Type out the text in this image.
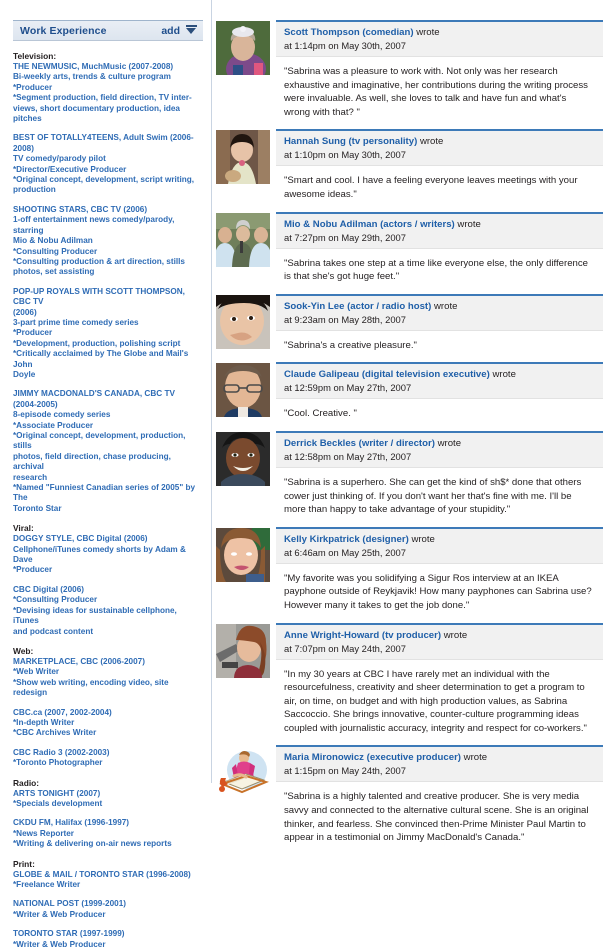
Work Experience	add
Television:
THE NEWMUSIC, MuchMusic (2007-2008)
Bi-weekly arts, trends & culture program
*Producer
*Segment production, field direction, TV inter-
views, short documentary production, idea pitches
BEST OF TOTALLY4TEENS, Adult Swim (2006-2008)
TV comedy/parody pilot
*Director/Executive Producer
*Original concept, development, script writing,
production
SHOOTING STARS, CBC TV (2006)
1-off entertainment news comedy/parody, starring
Mio & Nobu Adilman
*Consulting Producer
*Consulting production & art direction, stills
photos, set assisting
POP-UP ROYALS WITH SCOTT THOMPSON, CBC TV
(2006)
3-part prime time comedy series
*Producer
*Development, production, polishing script
*Critically acclaimed by The Globe and Mail's John
Doyle
JIMMY MACDONALD'S CANADA, CBC TV
(2004-2005)
8-episode comedy series
*Associate Producer
*Original concept, development, production, stills
photos, field direction, chase producing, archival
research
*Named "Funniest Canadian series of 2005" by The
Toronto Star
Viral:
DOGGY STYLE, CBC Digital (2006)
Cellphone/iTunes comedy shorts by Adam & Dave
*Producer
CBC Digital (2006)
*Consulting Producer
*Devising ideas for sustainable cellphone, iTunes
and podcast content
Web:
MARKETPLACE, CBC (2006-2007)
*Web Writer
*Show web writing, encoding video, site redesign
CBC.ca (2007, 2002-2004)
*In-depth Writer
*CBC Archives Writer
CBC Radio 3 (2002-2003)
*Toronto Photographer
Radio:
ARTS TONIGHT (2007)
*Specials development
CKDU FM, Halifax (1996-1997)
*News Reporter
*Writing & delivering on-air news reports
Print:
GLOBE & MAIL / TORONTO STAR (1996-2008)
*Freelance Writer
NATIONAL POST (1999-2001)
*Writer & Web Producer
TORONTO STAR (1997-1999)
*Writer & Web Producer
Scott Thompson (comedian) wrote
at 1:14pm on May 30th, 2007
"Sabrina was a pleasure to work with. Not only was her research exhaustive and imaginative, her contributions during the writing process were invaluable. As well, she loves to talk and have fun and what's wrong with that? "
Hannah Sung (tv personality) wrote
at 1:10pm on May 30th, 2007
"Smart and cool. I have a feeling everyone leaves meetings with your awesome ideas."
Mio & Nobu Adilman (actors / writers) wrote
at 7:27pm on May 29th, 2007
"Sabrina takes one step at a time like everyone else, the only difference is that she's got huge feet."
Sook-Yin Lee (actor / radio host) wrote
at 9:23am on May 28th, 2007
"Sabrina's a creative pleasure."
Claude Galipeau (digital television executive) wrote
at 12:59pm on May 27th, 2007
"Cool. Creative. "
Derrick Beckles (writer / director) wrote
at 12:58pm on May 27th, 2007
"Sabrina is a superhero. She can get the kind of sh$* done that others cower just thinking of. If you don't want her that's fine with me. I'll be more than happy to take advantage of your stupidity."
Kelly Kirkpatrick (designer) wrote
at 6:46am on May 25th, 2007
"My favorite was you solidifying a Sigur Ros interview at an IKEA payphone outside of Reykjavik! How many payphones can Sabrina use? However many it takes to get the job done."
Anne Wright-Howard (tv producer) wrote
at 7:07pm on May 24th, 2007
"In my 30 years at CBC I have rarely met an individual with the resourcefulness, creativity and sheer determination to get a program to air, on time, on budget and with high production values, as Sabrina Saccoccio. She brings innovative, counter-culture programming ideas coupled with journalistic accuracy, integrity and respect for co-workers."
Maria Mironowicz (executive producer) wrote
at 1:15pm on May 24th, 2007
"Sabrina is a highly talented and creative producer. She is very media savvy and connected to the alternative cultural scene. She is an original thinker, and fearless. She convinced then-Prime Minister Paul Martin to appear in a testimonial on Jimmy MacDonald's Canada."
